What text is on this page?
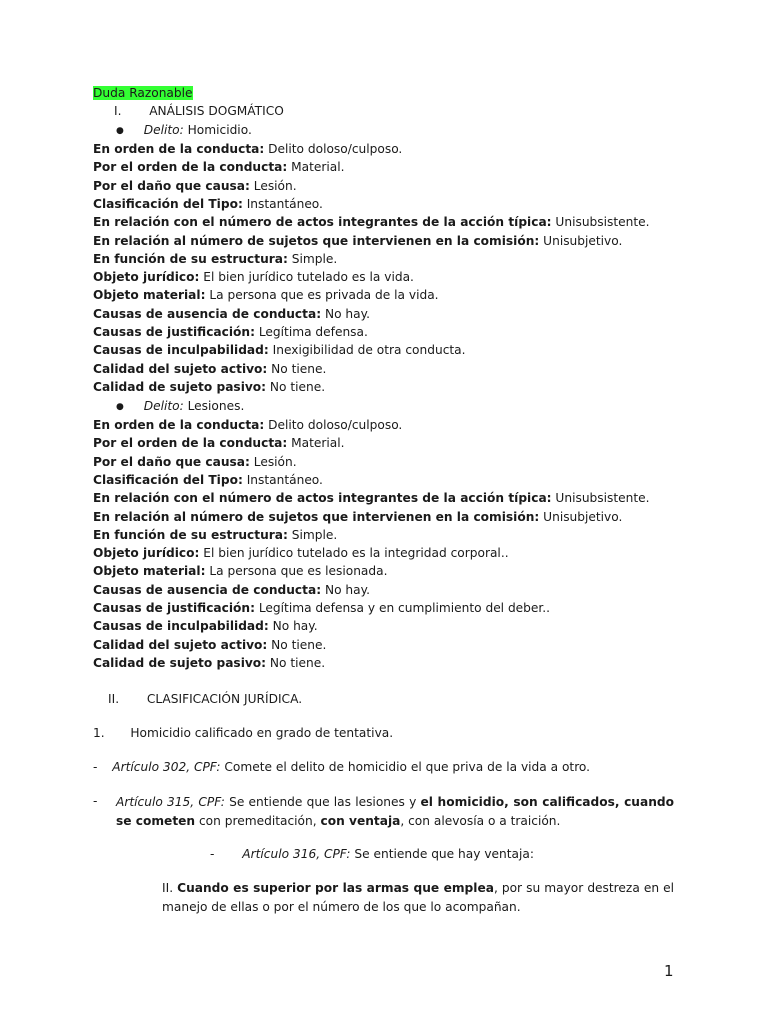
Duda Razonable
I. ANÁLISIS DOGMÁTICO
● Delito: Homicidio.
En orden de la conducta: Delito doloso/culposo.
Por el orden de la conducta: Material.
Por el daño que causa: Lesión.
Clasificación del Tipo: Instantáneo.
En relación con el número de actos integrantes de la acción típica: Unisubsistente.
En relación al número de sujetos que intervienen en la comisión: Unisubjetivo.
En función de su estructura: Simple.
Objeto jurídico: El bien jurídico tutelado es la vida.
Objeto material: La persona que es privada de la vida.
Causas de ausencia de conducta: No hay.
Causas de justificación: Legítima defensa.
Causas de inculpabilidad: Inexigibilidad de otra conducta.
Calidad del sujeto activo: No tiene.
Calidad de sujeto pasivo: No tiene.
● Delito: Lesiones.
En orden de la conducta: Delito doloso/culposo.
Por el orden de la conducta: Material.
Por el daño que causa: Lesión.
Clasificación del Tipo: Instantáneo.
En relación con el número de actos integrantes de la acción típica: Unisubsistente.
En relación al número de sujetos que intervienen en la comisión: Unisubjetivo.
En función de su estructura: Simple.
Objeto jurídico: El bien jurídico tutelado es la integridad corporal..
Objeto material: La persona que es lesionada.
Causas de ausencia de conducta: No hay.
Causas de justificación: Legítima defensa y en cumplimiento del deber..
Causas de inculpabilidad: No hay.
Calidad del sujeto activo: No tiene.
Calidad de sujeto pasivo: No tiene.
II. CLASIFICACIÓN JURÍDICA.
1. Homicidio calificado en grado de tentativa.
- Artículo 302, CPF: Comete el delito de homicidio el que priva de la vida a otro.
- Artículo 315, CPF: Se entiende que las lesiones y el homicidio, son calificados, cuando se cometen con premeditación, con ventaja, con alevosía o a traición.
- Artículo 316, CPF: Se entiende que hay ventaja:
II. Cuando es superior por las armas que emplea, por su mayor destreza en el manejo de ellas o por el número de los que lo acompañan.
1
